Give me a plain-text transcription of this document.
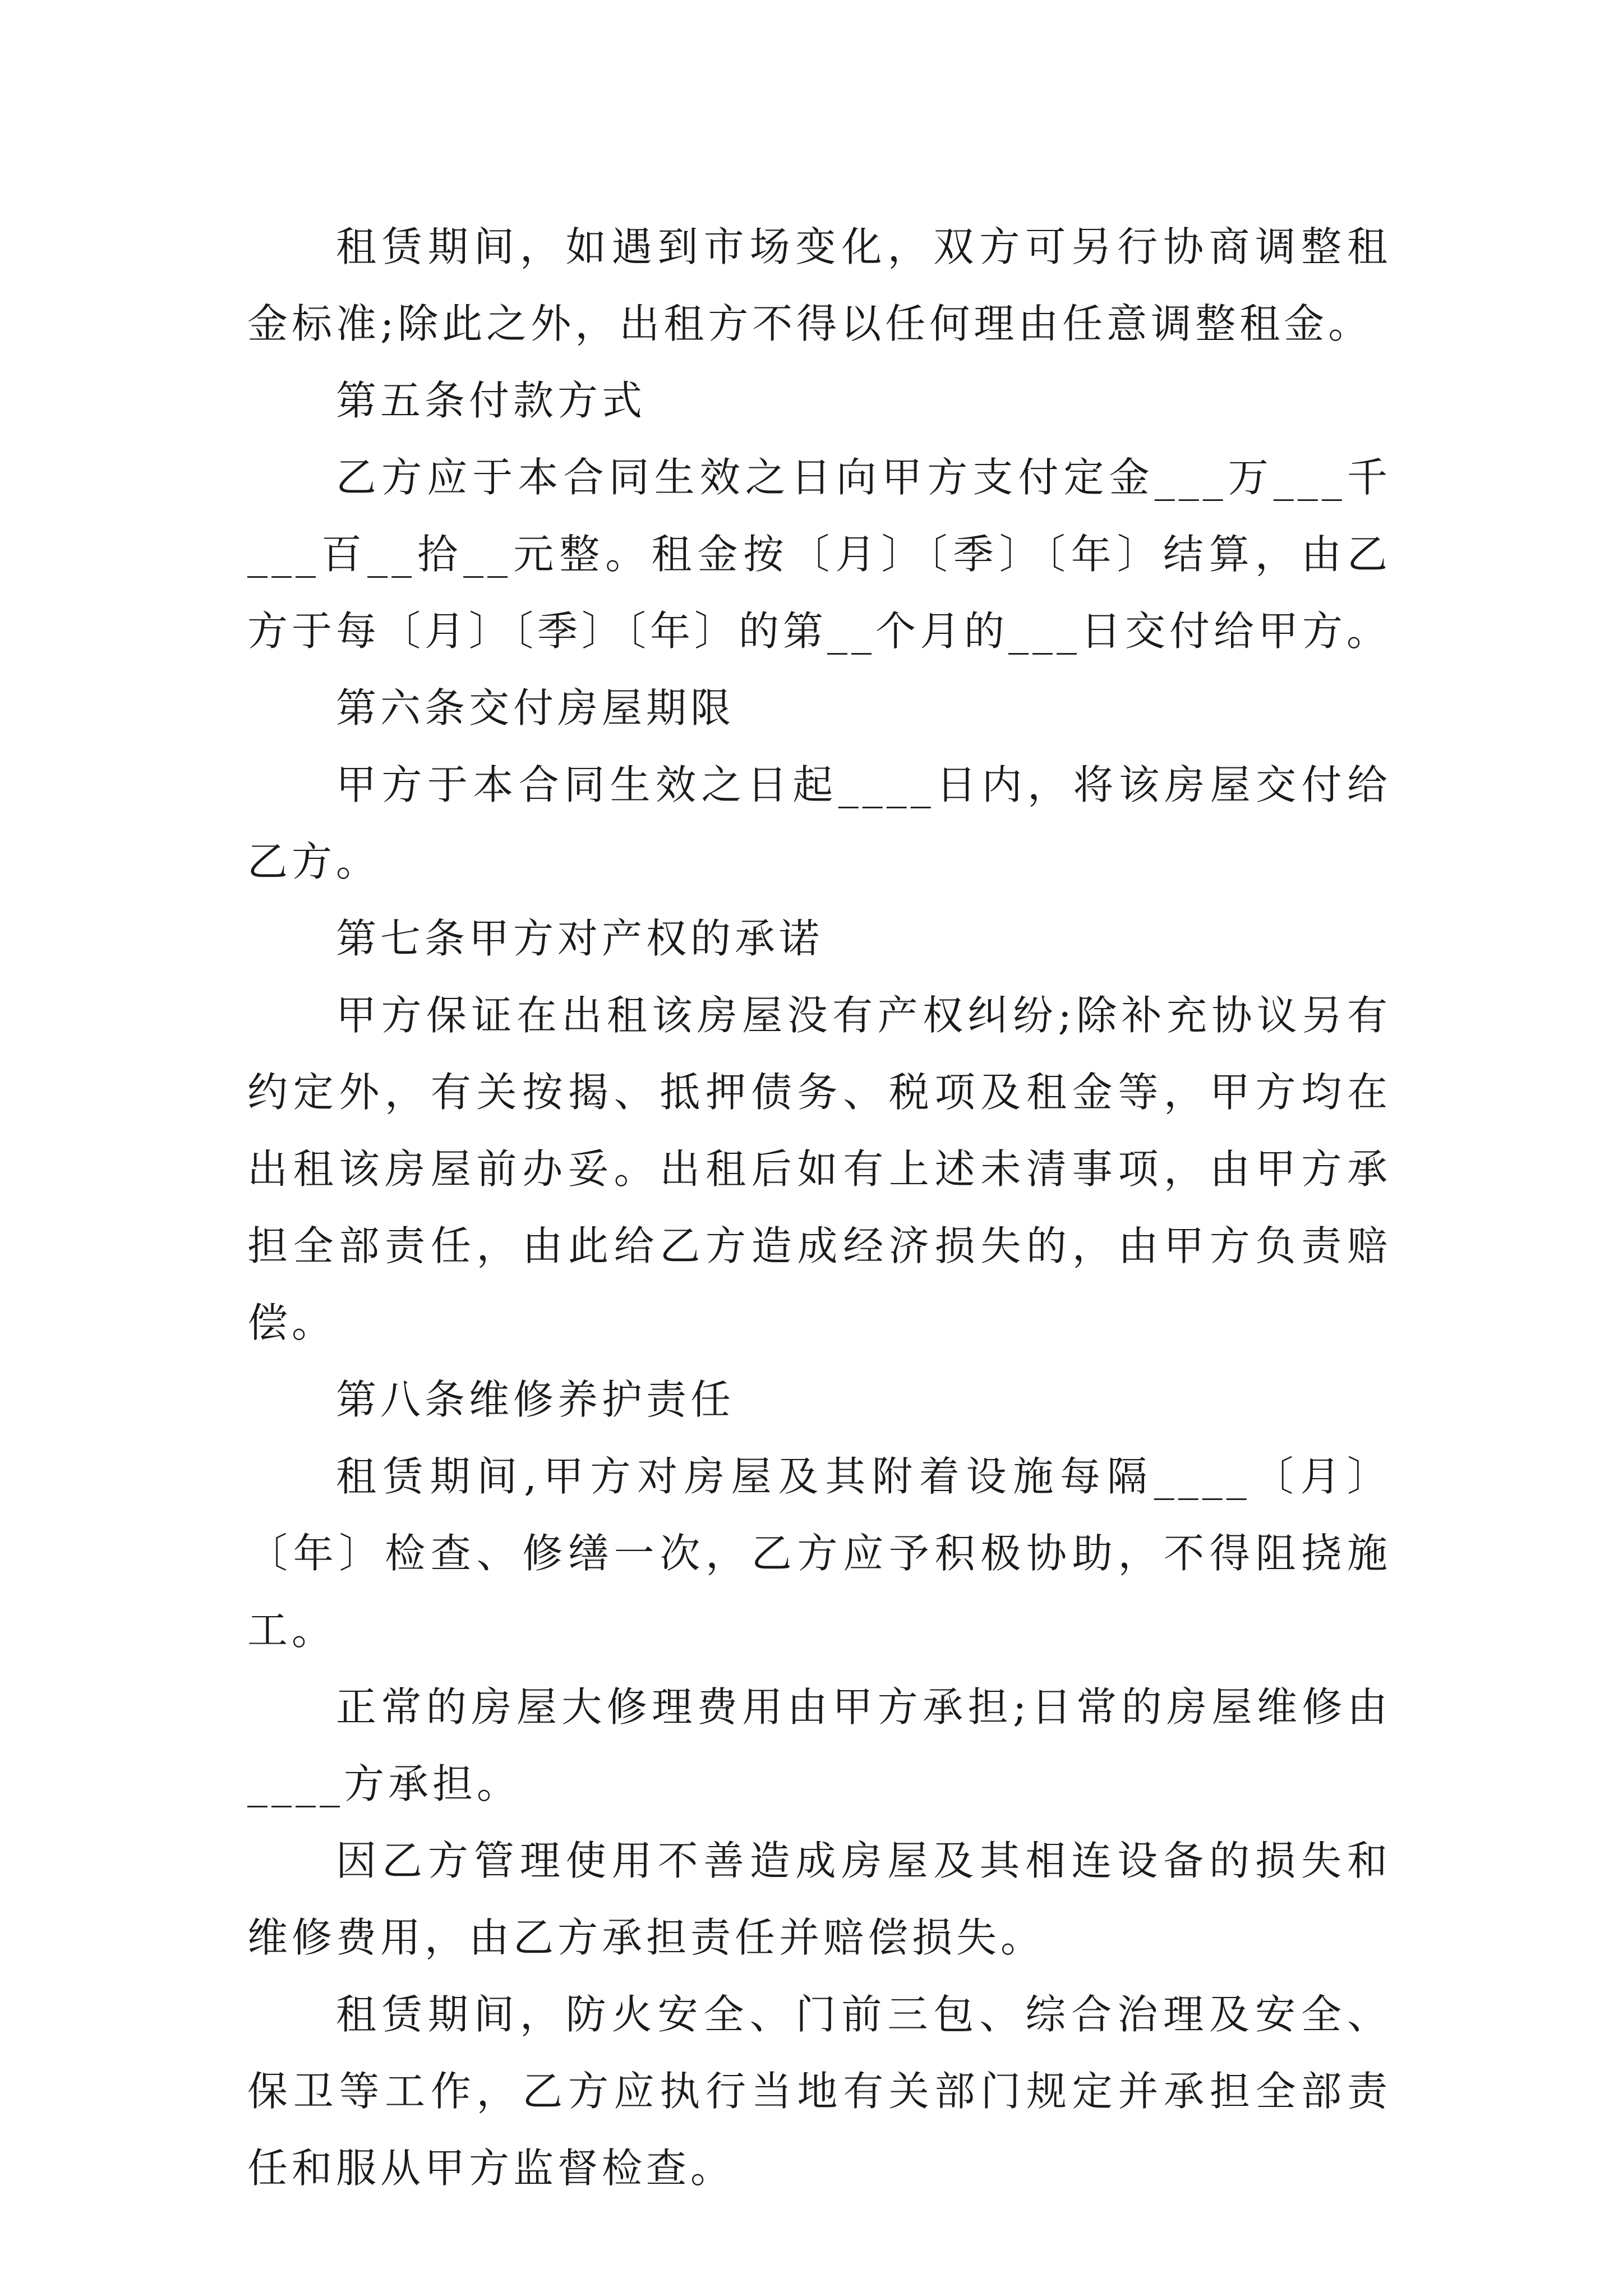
租赁期间，如遇到市场变化，双方可另行协商调整租金标准;除此之外，出租方不得以任何理由任意调整租金。

第五条付款方式

乙方应于本合同生效之日向甲方支付定金___万___千___百__拾__元整。租金按〔月〕〔季〕〔年〕结算，由乙方于每〔月〕〔季〕〔年〕的第__个月的___日交付给甲方。

第六条交付房屋期限

甲方于本合同生效之日起____日内，将该房屋交付给乙方。

第七条甲方对产权的承诺

甲方保证在出租该房屋没有产权纠纷;除补充协议另有约定外，有关按揭、抵押债务、税项及租金等，甲方均在出租该房屋前办妥。出租后如有上述未清事项，由甲方承担全部责任，由此给乙方造成经济损失的，由甲方负责赔偿。

第八条维修养护责任

租赁期间,甲方对房屋及其附着设施每隔____〔月〕〔年〕检查、修缮一次，乙方应予积极协助，不得阻挠施工。

正常的房屋大修理费用由甲方承担;日常的房屋维修由____方承担。

因乙方管理使用不善造成房屋及其相连设备的损失和维修费用，由乙方承担责任并赔偿损失。

租赁期间，防火安全、门前三包、综合治理及安全、保卫等工作，乙方应执行当地有关部门规定并承担全部责任和服从甲方监督检查。
